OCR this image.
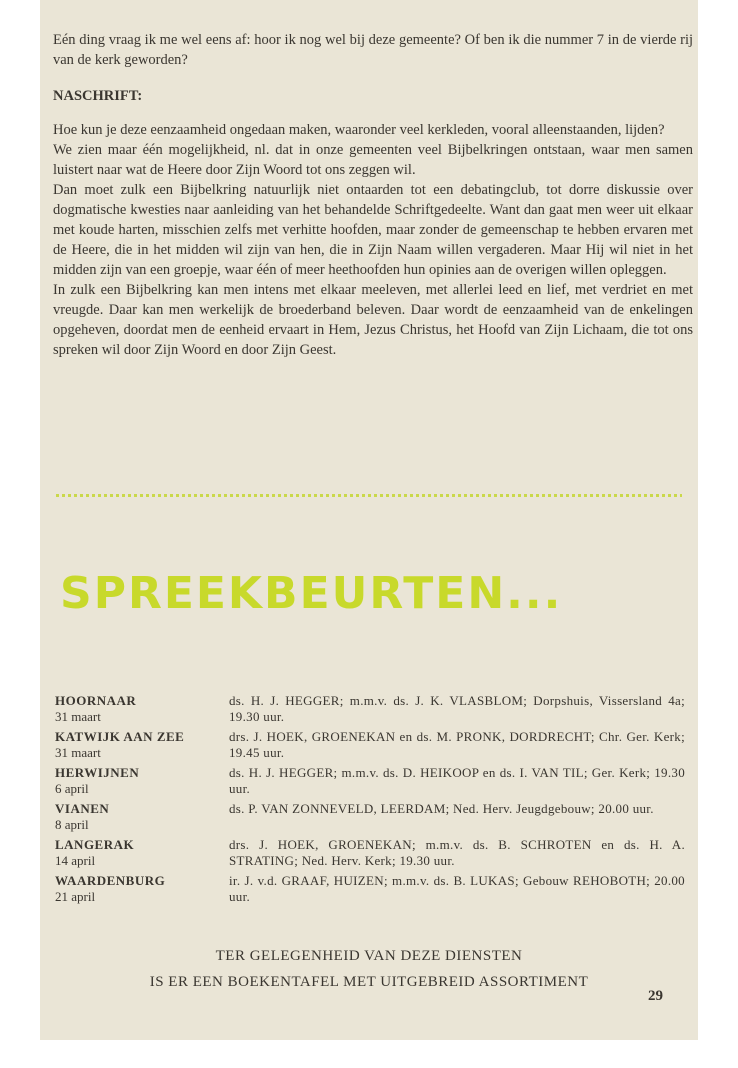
Eén ding vraag ik me wel eens af: hoor ik nog wel bij deze gemeente? Of ben ik die nummer 7 in de vierde rij van de kerk geworden?

NASCHRIFT:

Hoe kun je deze eenzaamheid ongedaan maken, waaronder veel kerkleden, vooral alleenstaanden, lijden?

We zien maar één mogelijkheid, nl. dat in onze gemeenten veel Bijbelkringen ontstaan, waar men samen luistert naar wat de Heere door Zijn Woord tot ons zeggen wil.

Dan moet zulk een Bijbelkring natuurlijk niet ontaarden tot een debatingclub, tot dorre diskussie over dogmatische kwesties naar aanleiding van het behandelde Schriftgedeelte. Want dan gaat men weer uit elkaar met koude harten, misschien zelfs met verhitte hoofden, maar zonder de gemeenschap te hebben ervaren met de Heere, die in het midden wil zijn van hen, die in Zijn Naam willen vergaderen. Maar Hij wil niet in het midden zijn van een groepje, waar één of meer heethoofden hun opinies aan de overigen willen opleggen.

In zulk een Bijbelkring kan men intens met elkaar meeleven, met allerlei leed en lief, met verdriet en met vreugde. Daar kan men werkelijk de broederband beleven. Daar wordt de eenzaamheid van de enkelingen opgeheven, doordat men de eenheid ervaart in Hem, Jezus Christus, het Hoofd van Zijn Lichaam, die tot ons spreken wil door Zijn Woord en door Zijn Geest.

SPREEKBEURTEN...
HOORNAAR
31 maart
ds. H. J. HEGGER; m.m.v. ds. J. K. VLASBLOM; Dorpshuis, Vissersland 4a; 19.30 uur.
KATWIJK AAN ZEE
31 maart
drs. J. HOEK, GROENEKAN en ds. M. PRONK, DORDRECHT; Chr. Ger. Kerk; 19.45 uur.
HERWIJNEN
6 april
ds. H. J. HEGGER; m.m.v. ds. D. HEIKOOP en ds. I. VAN TIL; Ger. Kerk; 19.30 uur.
VIANEN
8 april
ds. P. VAN ZONNEVELD, LEERDAM; Ned. Herv. Jeugdgebouw; 20.00 uur.
LANGERAK
14 april
drs. J. HOEK, GROENEKAN; m.m.v. ds. B. SCHROTEN en ds. H. A. STRATING; Ned. Herv. Kerk; 19.30 uur.
WAARDENBURG
21 april
ir. J. v.d. GRAAF, HUIZEN; m.m.v. ds. B. LUKAS; Gebouw REHOBOTH; 20.00 uur.
TER GELEGENHEID VAN DEZE DIENSTEN
IS ER EEN BOEKENTAFEL MET UITGEBREID ASSORTIMENT
29
